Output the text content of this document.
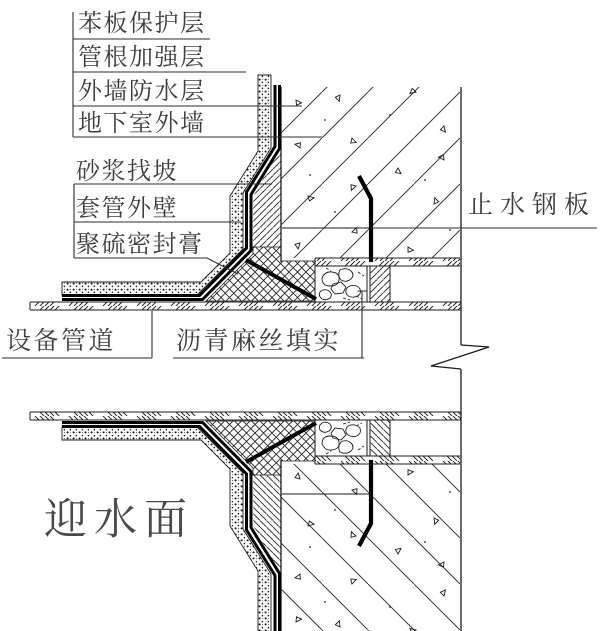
苯板保护层
管根加强层
外墙防水层
地下室外墙
砂浆找坡
套管外壁
聚硫密封膏
止水钢板
设备管道 沥青麻丝填实
迎水面
